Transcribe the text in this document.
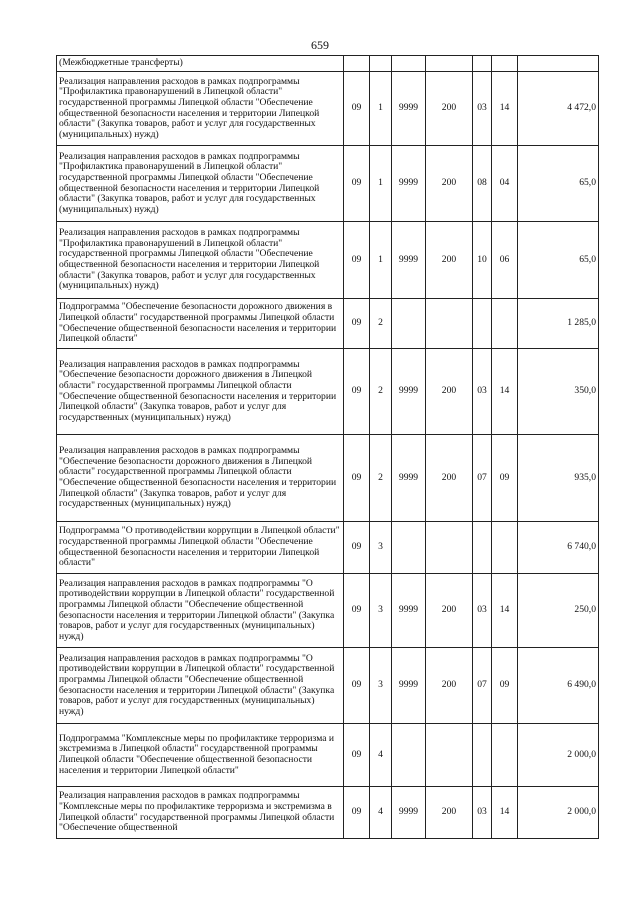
659
(Межбюджетные трансферты)							
Реализация направления расходов в рамках подпрограммы "Профилактика правонарушений в Липецкой области" государственной программы Липецкой области "Обеспечение общественной безопасности населения и территории Липецкой области" (Закупка товаров, работ и услуг для государственных (муниципальных) нужд)	09	1	9999	200	03	14	4 472,0
Реализация направления расходов в рамках подпрограммы "Профилактика правонарушений в Липецкой области" государственной программы Липецкой области "Обеспечение общественной безопасности населения и территории Липецкой области" (Закупка товаров, работ и услуг для государственных (муниципальных) нужд)	09	1	9999	200	08	04	65,0
Реализация направления расходов в рамках подпрограммы "Профилактика правонарушений в Липецкой области" государственной программы Липецкой области "Обеспечение общественной безопасности населения и территории Липецкой области" (Закупка товаров, работ и услуг для государственных (муниципальных) нужд)	09	1	9999	200	10	06	65,0
Подпрограмма "Обеспечение безопасности дорожного движения в Липецкой области" государственной программы Липецкой области "Обеспечение общественной безопасности населения и территории Липецкой области"	09	2					1 285,0
Реализация направления расходов в рамках подпрограммы "Обеспечение безопасности дорожного движения в Липецкой области" государственной программы Липецкой области "Обеспечение общественной безопасности населения и территории Липецкой области" (Закупка товаров, работ и услуг для государственных (муниципальных) нужд)	09	2	9999	200	03	14	350,0
Реализация направления расходов в рамках подпрограммы "Обеспечение безопасности дорожного движения в Липецкой области" государственной программы Липецкой области "Обеспечение общественной безопасности населения и территории Липецкой области" (Закупка товаров, работ и услуг для государственных (муниципальных) нужд)	09	2	9999	200	07	09	935,0
Подпрограмма "О противодействии коррупции в Липецкой области" государственной программы Липецкой области "Обеспечение общественной безопасности населения и территории Липецкой области"	09	3					6 740,0
Реализация направления расходов в рамках подпрограммы "О противодействии коррупции в Липецкой области" государственной программы Липецкой области "Обеспечение общественной безопасности населения и территории Липецкой области" (Закупка товаров, работ и услуг для государственных (муниципальных) нужд)	09	3	9999	200	03	14	250,0
Реализация направления расходов в рамках подпрограммы "О противодействии коррупции в Липецкой области" государственной программы Липецкой области "Обеспечение общественной безопасности населения и территории Липецкой области" (Закупка товаров, работ и услуг для государственных (муниципальных) нужд)	09	3	9999	200	07	09	6 490,0
Подпрограмма "Комплексные меры по профилактике терроризма и экстремизма в Липецкой области" государственной программы Липецкой области "Обеспечение общественной безопасности населения и территории Липецкой области"	09	4					2 000,0
Реализация направления расходов в рамках подпрограммы "Комплексные меры по профилактике терроризма и экстремизма в Липецкой области" государственной программы Липецкой области "Обеспечение общественной	09	4	9999	200	03	14	2 000,0
